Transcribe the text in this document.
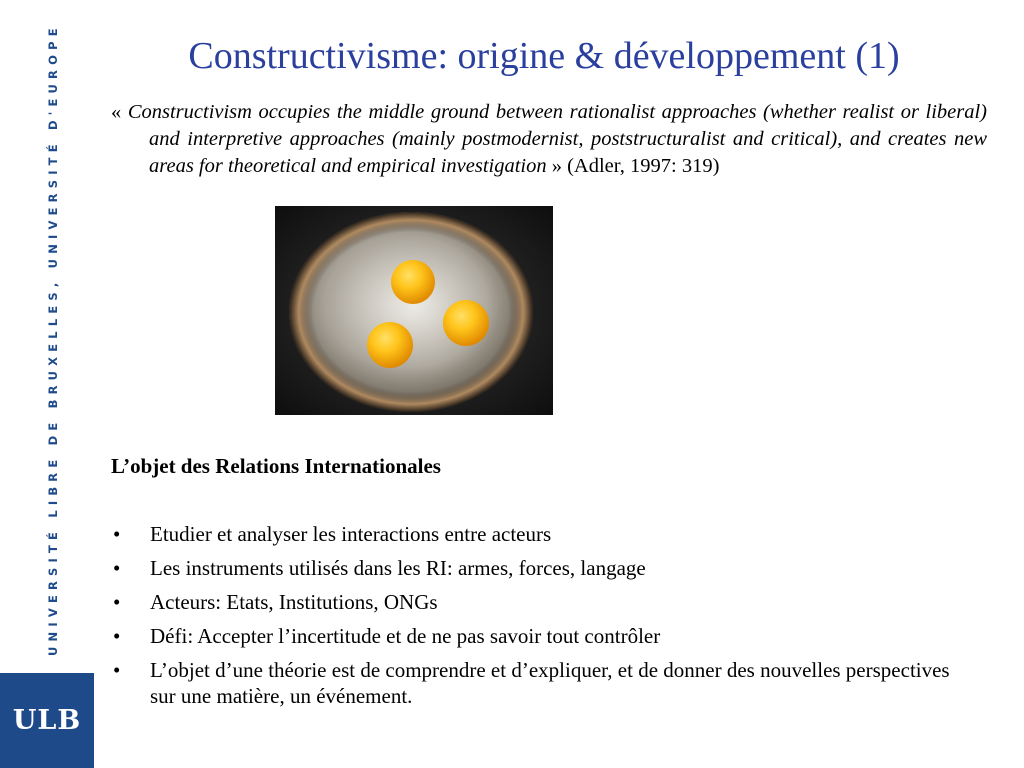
UNIVERSITÉ LIBRE DE BRUXELLES, UNIVERSITÉ D'EUROPE
ULB
Constructivisme: origine & développement (1)
« Constructivism occupies the middle ground between rationalist approaches (whether realist or liberal) and interpretive approaches (mainly postmodernist, poststructuralist and critical), and creates new areas for theoretical and empirical investigation » (Adler, 1997: 319)
L’objet des Relations Internationales
• Etudier et analyser les interactions entre acteurs
• Les instruments utilisés dans les RI: armes, forces, langage
• Acteurs: Etats, Institutions, ONGs
• Défi: Accepter l’incertitude et de ne pas savoir tout contrôler
• L’objet d’une théorie est de comprendre et d’expliquer, et de donner des nouvelles perspectives sur une matière, un événement.
